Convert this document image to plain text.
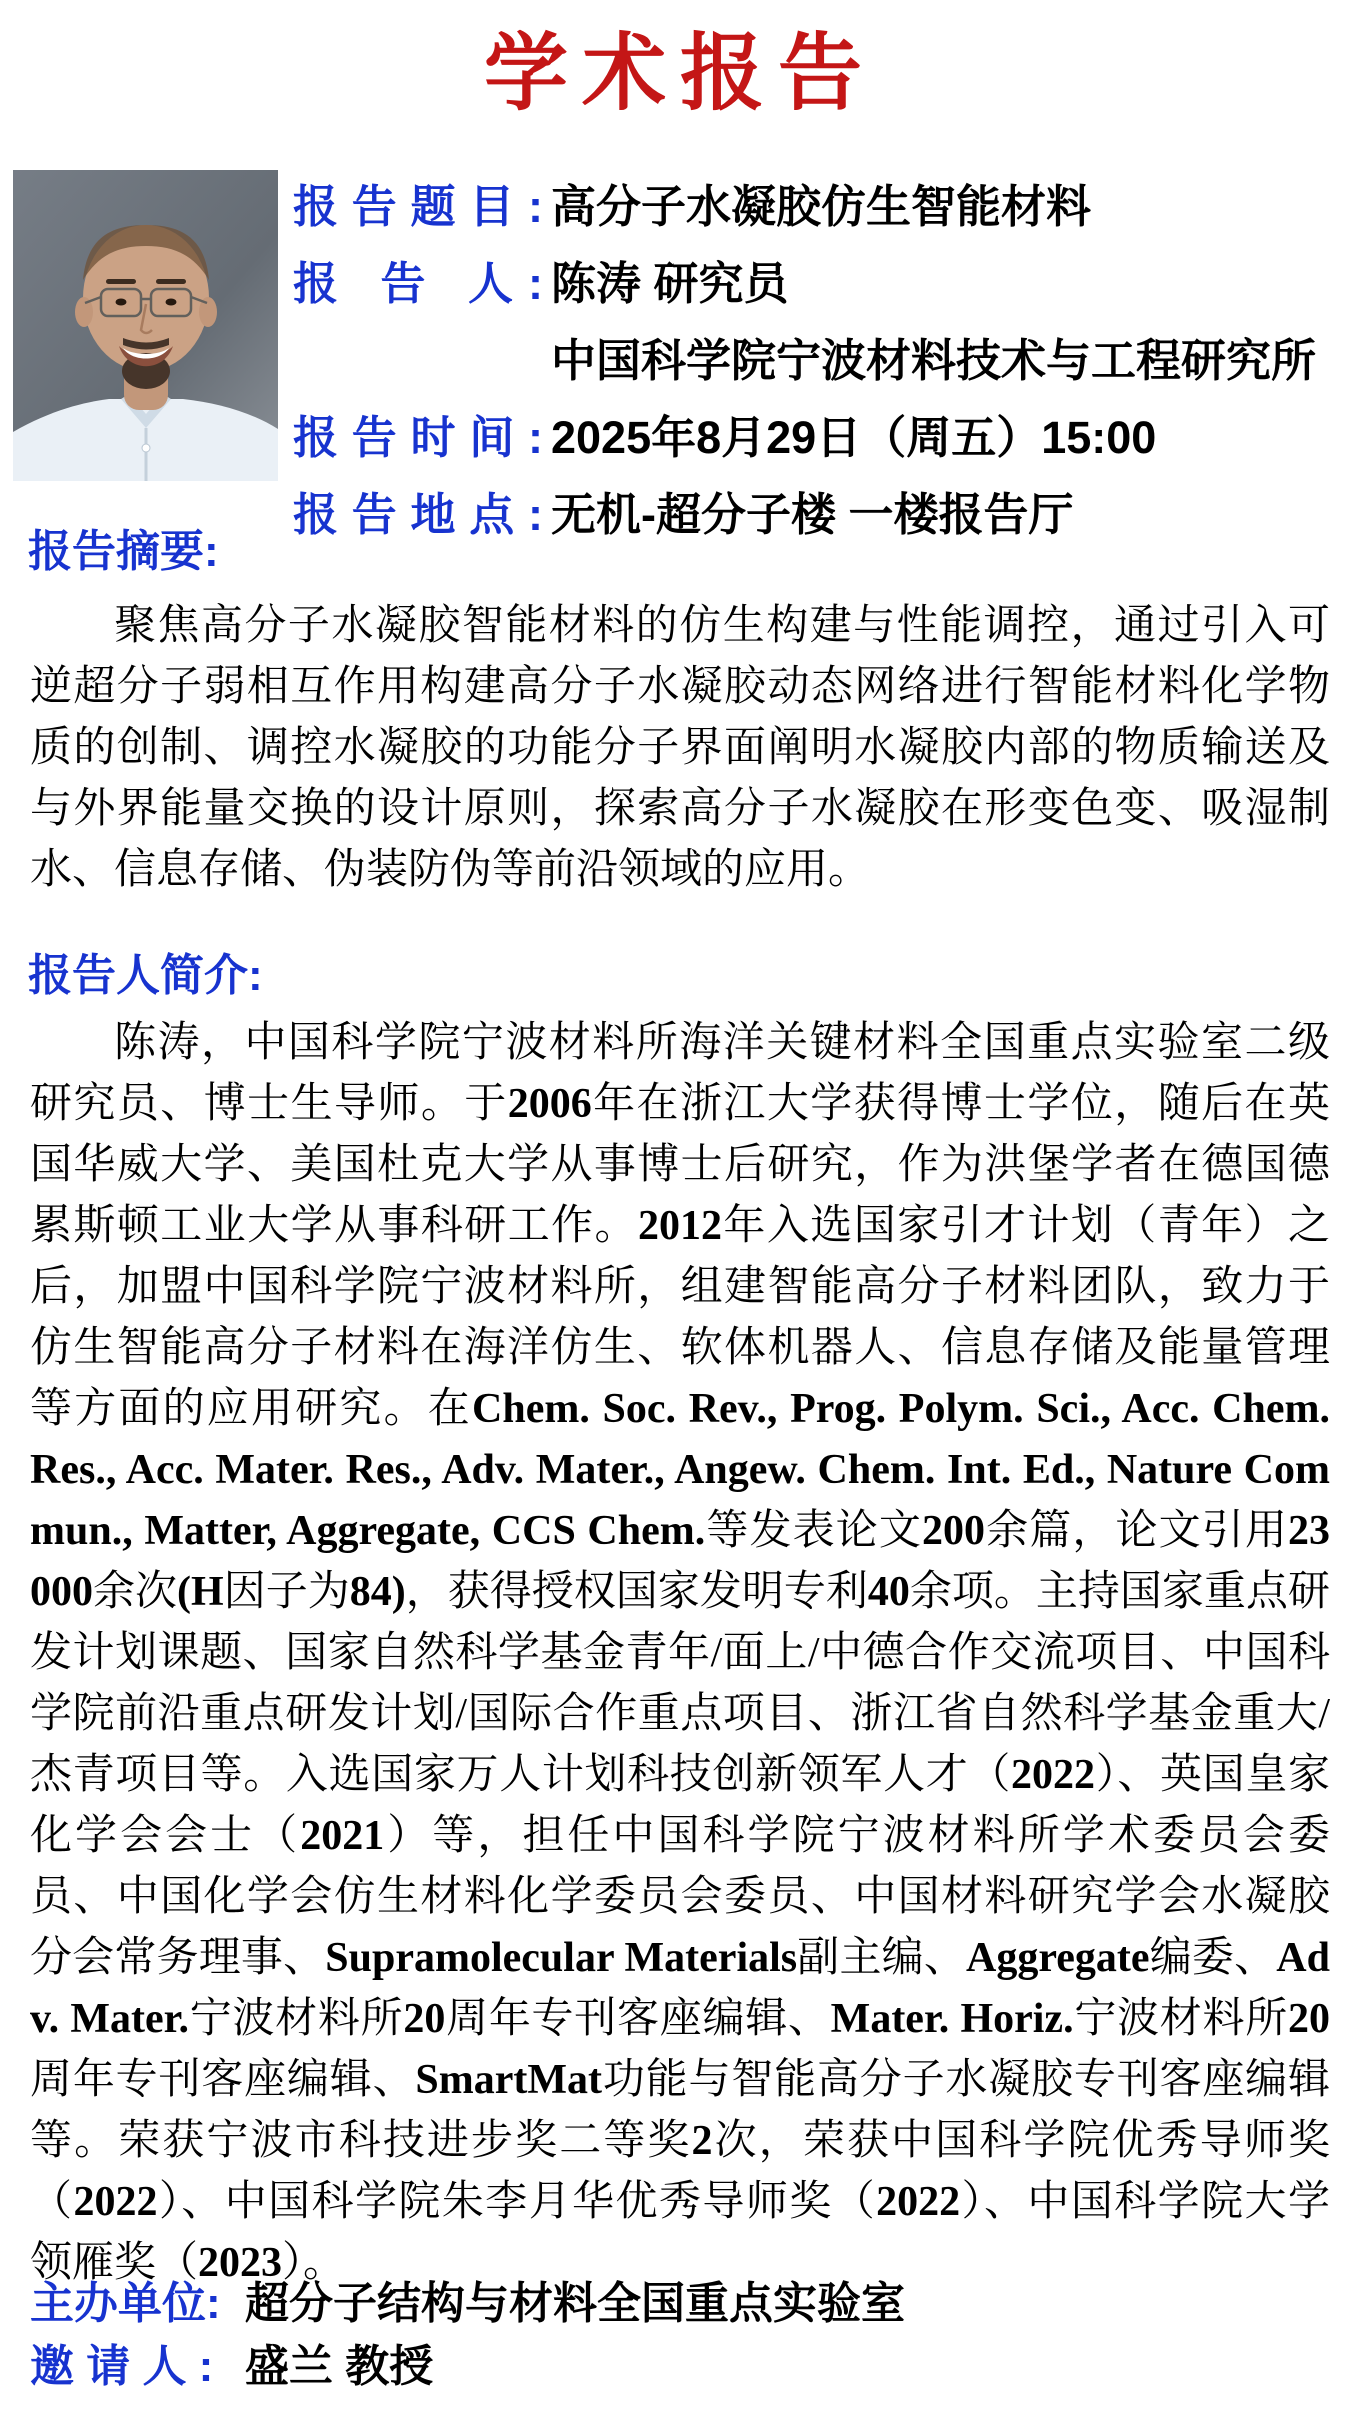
学术报告
报告题目: 高分子水凝胶仿生智能材料
报 告 人: 陈涛 研究员
中国科学院宁波材料技术与工程研究所
报告时间: 2025年8月29日（周五）15:00
报告地点: 无机-超分子楼 一楼报告厅
报告摘要:

聚焦高分子水凝胶智能材料的仿生构建与性能调控，通过引入可逆超分子弱相互作用构建高分子水凝胶动态网络进行智能材料化学物质的创制、调控水凝胶的功能分子界面阐明水凝胶内部的物质输送及与外界能量交换的设计原则，探索高分子水凝胶在形变色变、吸湿制水、信息存储、伪装防伪等前沿领域的应用。

报告人简介:

陈涛，中国科学院宁波材料所海洋关键材料全国重点实验室二级研究员、博士生导师。于2006年在浙江大学获得博士学位，随后在英国华威大学、美国杜克大学从事博士后研究，作为洪堡学者在德国德累斯顿工业大学从事科研工作。2012年入选国家引才计划（青年）之后，加盟中国科学院宁波材料所，组建智能高分子材料团队，致力于仿生智能高分子材料在海洋仿生、软体机器人、信息存储及能量管理等方面的应用研究。在Chem. Soc. Rev., Prog. Polym. Sci., Acc. Chem. Res., Acc. Mater. Res., Adv. Mater., Angew. Chem. Int. Ed., Nature Commun., Matter, Aggregate, CCS Chem.等发表论文200余篇，论文引用23000余次(H因子为84)，获得授权国家发明专利40余项。主持国家重点研发计划课题、国家自然科学基金青年/面上/中德合作交流项目、中国科学院前沿重点研发计划/国际合作重点项目、浙江省自然科学基金重大/杰青项目等。入选国家万人计划科技创新领军人才（2022）、英国皇家化学会会士（2021）等，担任中国科学院宁波材料所学术委员会委员、中国化学会仿生材料化学委员会委员、中国材料研究学会水凝胶分会常务理事、Supramolecular Materials副主编、Aggregate编委、Adv. Mater.宁波材料所20周年专刊客座编辑、Mater. Horiz.宁波材料所20周年专刊客座编辑、SmartMat功能与智能高分子水凝胶专刊客座编辑等。荣获宁波市科技进步奖二等奖2次，荣获中国科学院优秀导师奖（2022）、中国科学院朱李月华优秀导师奖（2022）、中国科学院大学领雁奖（2023）。

主办单位: 超分子结构与材料全国重点实验室
邀 请 人 : 盛兰 教授
